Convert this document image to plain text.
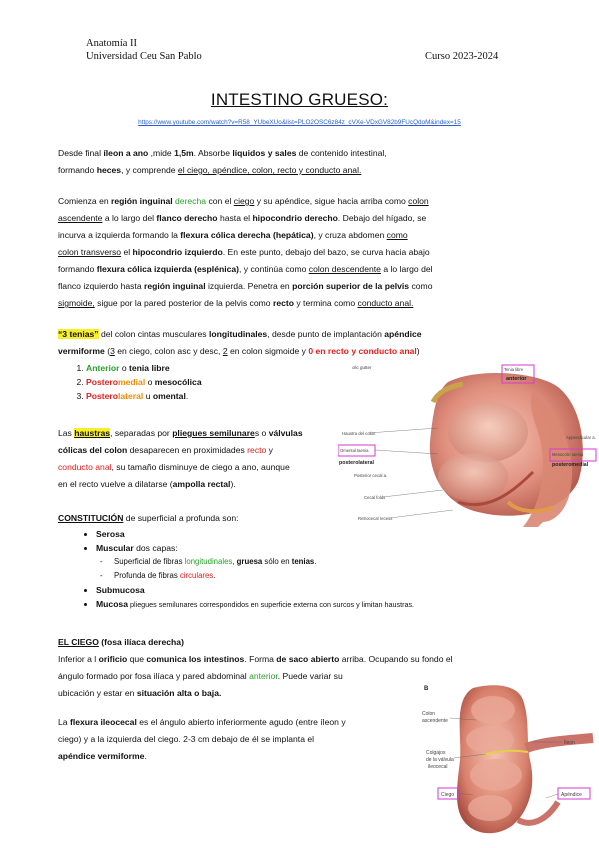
Anatomía II
Universidad Ceu San Pablo	Curso 2023-2024
INTESTINO GRUESO:
https://www.youtube.com/watch?v=R58_YUbeXUo&list=PLO2OSC6z84z_cVXe-VDxGV82b9FUcQdoM&index=15

Desde final íleon a ano ,mide 1,5m. Absorbe líquidos y sales de contenido intestinal,

formando heces, y comprende el ciego, apéndice, colon, recto y conducto anal.

Comienza en región inguinal derecha con el ciego y su apéndice, sigue hacia arriba como colon

ascendente a lo largo del flanco derecho hasta el hipocondrio derecho. Debajo del hígado, se

incurva a izquierda formando la flexura cólica derecha (hepática), y cruza abdomen como

colon transverso el hipocondrio izquierdo. En este punto, debajo del bazo, se curva hacia abajo

formando flexura cólica izquierda (esplénica), y continúa como colon descendente a lo largo del

flanco izquierdo hasta región inguinal izquierda. Penetra en porción superior de la pelvis como

sigmoide, sigue por la pared posterior de la pelvis como recto y termina como conducto anal.

“3 tenias” del colon cintas musculares longitudinales, desde punto de implantación apéndice

vermiforme (3 en ciego, colon asc y desc, 2 en colon sigmoide y 0 en recto y conducto anal)

1. Anterior o tenia libre
2. Posteromedial o mesocólica
3. Posterolateral u omental.
olic gutter	Tenia libre
anterior
Haustra del colon
Omental taenia
posterolateral
Appendicular a.
Mesocolic taenia
posteromedial
Posterior cecal a.
Cecal folds
Retrocecal recess

Las haustras, separadas por pliegues semilunares o válvulas

cólicas del colon desaparecen en proximidades recto y

conducto anal, su tamaño disminuye de ciego a ano, aunque

en el recto vuelve a dilatarse (ampolla rectal).

CONSTITUCIÓN de superficial a profunda son:

• Serosa
• Muscular dos capas:
- Superficial de fibras longitudinales, gruesa sólo en tenias.
- Profunda de fibras circulares.
• Submucosa
• Mucosa pliegues semilunares correspondidos en superficie externa con surcos y limitan haustras.

EL CIEGO (fosa ilíaca derecha)

Inferior a l orificio que comunica los intestinos. Forma de saco abierto arriba. Ocupando su fondo el

ángulo formado por fosa ilíaca y pared abdominal anterior. Puede variar su

ubicación y estar en situación alta o baja.

La flexura ileocecal es el ángulo abierto inferiormente agudo (entre íleon y

ciego) y a la izquierda del ciego. 2-3 cm debajo de él se implanta el

apéndice vermiforme.

B
Colon
ascendente
Íleon
Colgajos
de la válvula
ileocecal
Ciego	Apéndice
